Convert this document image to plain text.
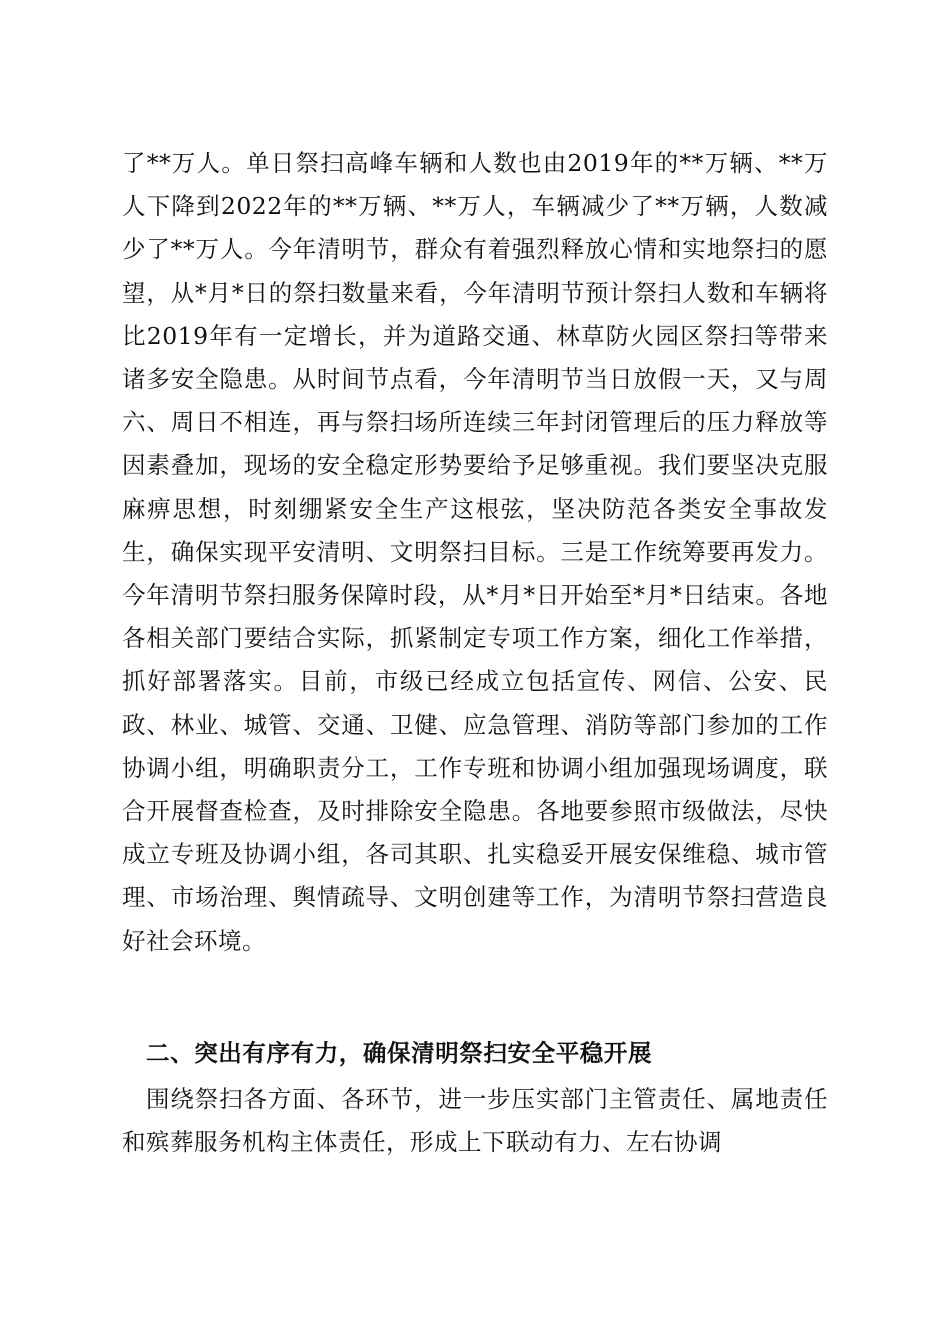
了**万人。单日祭扫高峰车辆和人数也由2019年的**万辆、**万人下降到2022年的**万辆、**万人，车辆减少了**万辆，人数减少了**万人。今年清明节，群众有着强烈释放心情和实地祭扫的愿望，从*月*日的祭扫数量来看，今年清明节预计祭扫人数和车辆将比2019年有一定增长，并为道路交通、林草防火园区祭扫等带来诸多安全隐患。从时间节点看，今年清明节当日放假一天，又与周六、周日不相连，再与祭扫场所连续三年封闭管理后的压力释放等因素叠加，现场的安全稳定形势要给予足够重视。我们要坚决克服麻痹思想，时刻绷紧安全生产这根弦，坚决防范各类安全事故发生，确保实现平安清明、文明祭扫目标。三是工作统筹要再发力。今年清明节祭扫服务保障时段，从*月*日开始至*月*日结束。各地各相关部门要结合实际，抓紧制定专项工作方案，细化工作举措，抓好部署落实。目前，市级已经成立包括宣传、网信、公安、民政、林业、城管、交通、卫健、应急管理、消防等部门参加的工作协调小组，明确职责分工，工作专班和协调小组加强现场调度，联合开展督查检查，及时排除安全隐患。各地要参照市级做法，尽快成立专班及协调小组，各司其职、扎实稳妥开展安保维稳、城市管理、市场治理、舆情疏导、文明创建等工作，为清明节祭扫营造良好社会环境。

二、突出有序有力，确保清明祭扫安全平稳开展

围绕祭扫各方面、各环节，进一步压实部门主管责任、属地责任和殡葬服务机构主体责任，形成上下联动有力、左右协调
